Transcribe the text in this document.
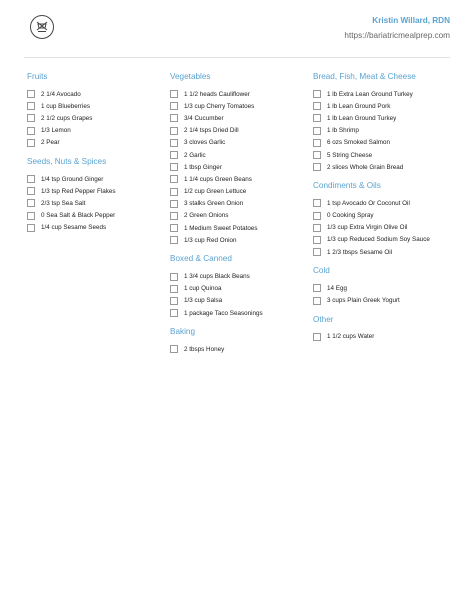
Kristin Willard, RDN
https://bariatricmealprep.com
Fruits
2 1/4 Avocado
1 cup Blueberries
2 1/2 cups Grapes
1/3 Lemon
2 Pear
Seeds, Nuts & Spices
1/4 tsp Ground Ginger
1/3 tsp Red Pepper Flakes
2/3 tsp Sea Salt
0 Sea Salt & Black Pepper
1/4 cup Sesame Seeds
Vegetables
1 1/2 heads Cauliflower
1/3 cup Cherry Tomatoes
3/4 Cucumber
2 1/4 tsps Dried Dill
3 cloves Garlic
2 Garlic
1 tbsp Ginger
1 1/4 cups Green Beans
1/2 cup Green Lettuce
3 stalks Green Onion
2 Green Onions
1 Medium Sweet Potatoes
1/3 cup Red Onion
Boxed & Canned
1 3/4 cups Black Beans
1 cup Quinoa
1/3 cup Salsa
1 package Taco Seasonings
Baking
2 tbsps Honey
Bread, Fish, Meat & Cheese
1 lb Extra Lean Ground Turkey
1 lb Lean Ground Pork
1 lb Lean Ground Turkey
1 lb Shrimp
6 ozs Smoked Salmon
5 String Cheese
2 slices Whole Grain Bread
Condiments & Oils
1 tsp Avocado Or Coconut Oil
0 Cooking Spray
1/3 cup Extra Virgin Olive Oil
1/3 cup Reduced Sodium Soy Sauce
1 2/3 tbsps Sesame Oil
Cold
14 Egg
3 cups Plain Greek Yogurt
Other
1 1/2 cups Water
